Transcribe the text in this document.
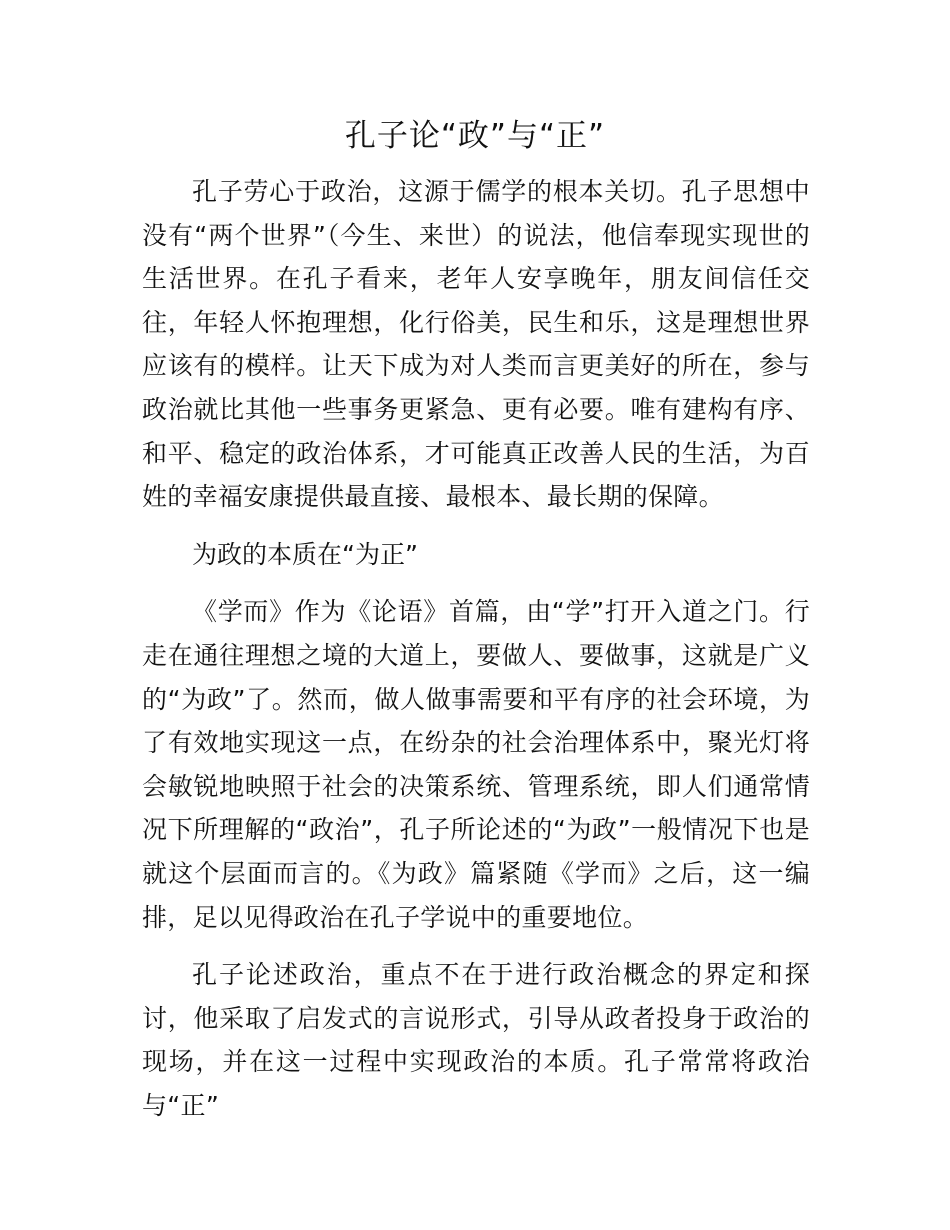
孔子论“政”与“正”

孔子劳心于政治，这源于儒学的根本关切。孔子思想中没有“两个世界”（今生、来世）的说法，他信奉现实现世的生活世界。在孔子看来，老年人安享晚年，朋友间信任交往，年轻人怀抱理想，化行俗美，民生和乐，这是理想世界应该有的模样。让天下成为对人类而言更美好的所在，参与政治就比其他一些事务更紧急、更有必要。唯有建构有序、和平、稳定的政治体系，才可能真正改善人民的生活，为百姓的幸福安康提供最直接、最根本、最长期的保障。

为政的本质在“为正”

《学而》作为《论语》首篇，由“学”打开入道之门。行走在通往理想之境的大道上，要做人、要做事，这就是广义的“为政”了。然而，做人做事需要和平有序的社会环境，为了有效地实现这一点，在纷杂的社会治理体系中，聚光灯将会敏锐地映照于社会的决策系统、管理系统，即人们通常情况下所理解的“政治”，孔子所论述的“为政”一般情况下也是就这个层面而言的。《为政》篇紧随《学而》之后，这一编排，足以见得政治在孔子学说中的重要地位。

孔子论述政治，重点不在于进行政治概念的界定和探讨，他采取了启发式的言说形式，引导从政者投身于政治的现场，并在这一过程中实现政治的本质。孔子常常将政治与“正”
